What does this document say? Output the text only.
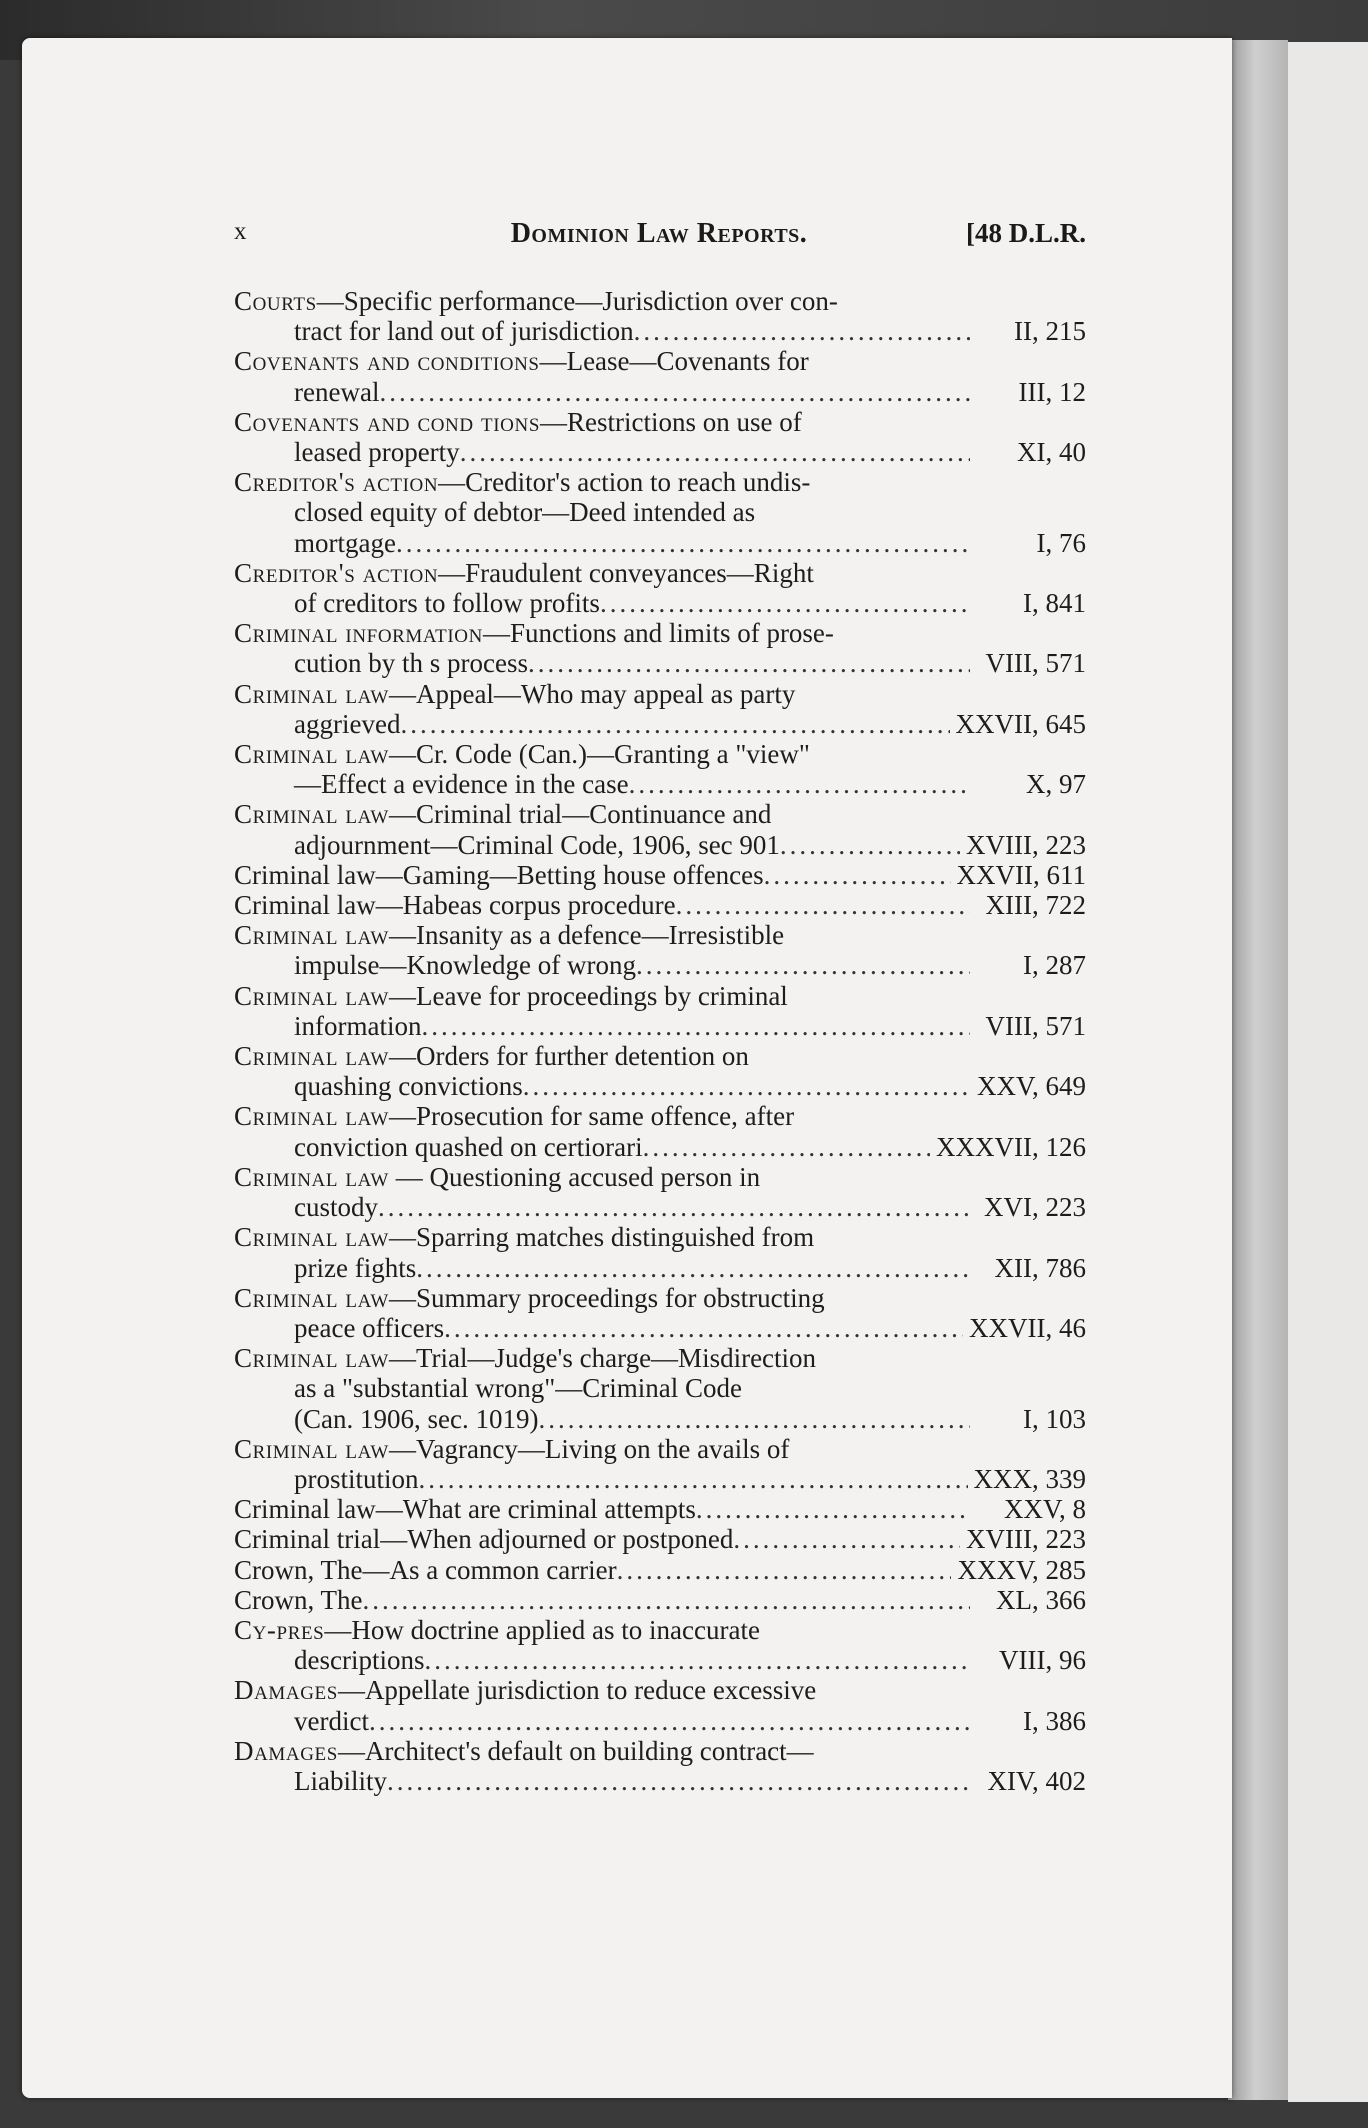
x	Dominion Law Reports.	[48 D.L.R.
Courts—Specific performance—Jurisdiction over con-
tract for land out of jurisdiction .....	II, 215
Covenants and conditions—Lease—Covenants for
renewal .....	III, 12
Covenants and cond tions—Restrictions on use of
leased property .....	XI, 40
Creditor's action—Creditor's action to reach undis-
closed equity of debtor—Deed intended as
mortgage .....	I, 76
Creditor's action—Fraudulent conveyances—Right
of creditors to follow profits .....	I, 841
Criminal information—Functions and limits of prose-
cution by th s process .....	VIII, 571
Criminal law—Appeal—Who may appeal as party
aggrieved .....	XXVII, 645
Criminal law—Cr. Code (Can.)—Granting a "view"
—Effect a evidence in the case .....	X, 97
Criminal law—Criminal trial—Continuance and
adjournment—Criminal Code, 1906, sec 901 .....	XVIII, 223
Criminal law—Gaming—Betting house offences .....	XXVII, 611
Criminal law—Habeas corpus procedure .....	XIII, 722
Criminal law—Insanity as a defence—Irresistible
impulse—Knowledge of wrong .....	I, 287
Criminal law—Leave for proceedings by criminal
information .....	VIII, 571
Criminal law—Orders for further detention on
quashing convictions .....	XXV, 649
Criminal law—Prosecution for same offence, after
conviction quashed on certiorari .....	XXXVII, 126
Criminal law — Questioning accused person in
custody .....	XVI, 223
Criminal law—Sparring matches distinguished from
prize fights .....	XII, 786
Criminal law—Summary proceedings for obstructing
peace officers .....	XXVII, 46
Criminal law—Trial—Judge's charge—Misdirection
as a "substantial wrong"—Criminal Code
(Can. 1906, sec. 1019) .....	I, 103
Criminal law—Vagrancy—Living on the avails of
prostitution .....	XXX, 339
Criminal law—What are criminal attempts .....	XXV, 8
Criminal trial—When adjourned or postponed .....	XVIII, 223
Crown, The—As a common carrier .....	XXXV, 285
Crown, The .....	XL, 366
Cy-pres—How doctrine applied as to inaccurate
descriptions .....	VIII, 96
Damages—Appellate jurisdiction to reduce excessive
verdict .....	I, 386
Damages—Architect's default on building contract—
Liability .....	XIV, 402
